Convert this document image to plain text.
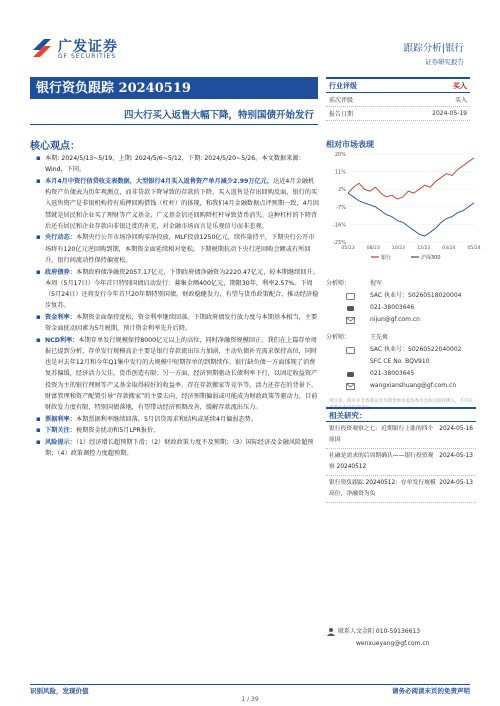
广发证券
GF SECURITIES
跟踪分析|银行
证券研究报告
银行资负跟踪 20240519
四大行买入返售大幅下降，特别国债开始发行
行业评级	买入
前次评级	买入
报告日期	2024-05-19
核心观点：
▪ 本期: 2024/5/13~5/19，上期: 2024/5/6~5/12，下期: 2024/5/20~5/26。本文数据来源：Wind，下同。
▪ 本月4月中资行信贷收支表数据，大型银行4月买入返售资产单月减少2.99万亿元，达近4月金融机构资产负债表为历年观测点，而非贷款下降导致的存款的下降，买入返售是存出回购反面，银行的买入返售资产是非银机构持有质押回购借钱（杠杆）的体现，和我们4月金融数据点评预期一致，4月因禁就是居民和企业买了理财等产义基金，广义基金信还回购降杠杆导致货币消失。这种杠杆的下降背后还有居民和企业存款向非银迁徙的补充，对金融市场而言是乐观信号而非悲观。
▪ 央行动态：本期央行公开市场净回购零净投放，MLF投放1250亿元，续作量持平，下期央行公开市场将有120亿元逆回购到期，本期资金面延续相对宽松。下期税期抗动下央行逆回购会额或有所回升，银行间流动性保持偏宽松。
▪ 政府债券：本期政府债净融资2057.17亿元，下期政府债净融资为2220.47亿元，较本期继续回升。本周（5月17日）今年首只特别国债启动发行：募集金额400亿元，期限30年，利率2.57%。下周（5月24日）还将发行今年首只20年期特别国债。财政稳健发力，有望与货币政策配合，推动经济稳步复苏。
▪ 资金利率：本期资金面保持宽松，资金利率继续回落。下期政府债发行放力度与本期基本相当，主要资金面扰动因素为5月税期，预计资金利率先升后降。
▪ NCD利率：本期存单发行规模保持8000亿元以上的高位，同时净融资规模回正。我们在上篇存单周报已提到分析，存单发行规模高企主要是银行存款流出压力加剧，主动负债补充需求保持高位，同时也是对去年12月和今年Q1集中发行的大规模中短期存单的到期续作。银行缺负债一方面体现了消费复苏偏缓，经济活力欠佳，货币创造有限；另一方面，经济预期驱动长债利率下行，以固定收益资产投资为主的银行理财等产义基金取得较好的收益率，存在存款搬家等竞争等，活力还存在的背景下，财富管理和资产配置引导“存款搬家”的主要去向，经济预期偏弱或可能成为财政政策等驱动力，目前财政发力度有限，特别国债落地，有望带动经济预期改善，缓解存款流出压力。
▪ 票据利率：本期票据利率继续回落，5月信贷需求和结构或延续4月偏弱态势。
▪ 下期关注：税期资金扰动和5月LPR报价。
▪ 风险提示：（1）经济增长超预期下滑；（2）财政政策力度不及预期；（3）国际经济及金融风险超预期；（4）政策调控力度超预期。
相对市场表现
20%
11%
2%
-7%
-16%
-25%
05/23	08/23	10/23	12/23	03/24	05/24
银行	沪深300
分析师：	倪军
SAC 执业号：S0260518020004
021-38003646
nijun@gf.com.cn
分析师：	王先爽
SAC 执业号：S0260522040002
SFC CE No. BQV910
021-38003645
wangxianshuang@gf.com.cn
请注意，倪军并非香港证券及期货事务监察委员会的注册持牌人，不可在香港从事受监管活动。
相关研究：
银行投资观察之七：近期银行上涨的四个原因
2024-05-16
社融是需求的后周期确认——银行投资观察 20240512
2024-05-13
银行资负跟踪 20240512：存单发行规模高位，净融资为负
2024-05-13
联系人：
文金阳 010-59136613
wenxueyang@gf.com.cn
识别风险，发现价值	请务必阅读末页的免责声明
1 / 39
